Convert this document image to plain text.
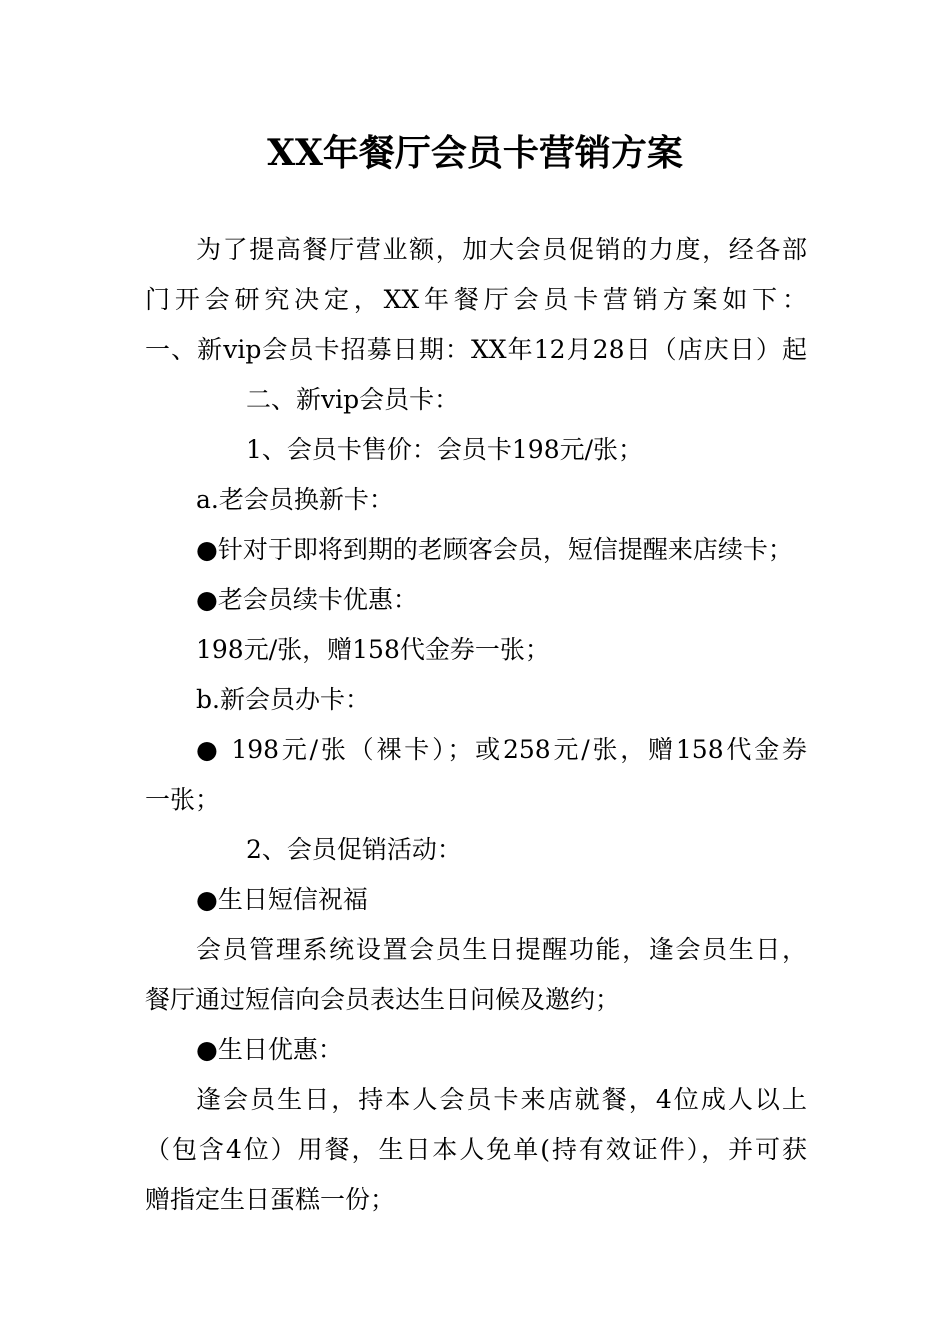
XX年餐厅会员卡营销方案
为了提高餐厅营业额，加大会员促销的力度，经各部
门开会研究决定，XX年餐厅会员卡营销方案如下：
一、新vip会员卡招募日期：XX年12月28日（店庆日）起
二、新vip会员卡：
1、会员卡售价：会员卡198元/张；
a.老会员换新卡：
●针对于即将到期的老顾客会员，短信提醒来店续卡；
●老会员续卡优惠：
198元/张，赠158代金券一张；
b.新会员办卡：
● 198元/张（裸卡）；或258元/张，赠158代金券
一张；
2、会员促销活动：
●生日短信祝福
会员管理系统设置会员生日提醒功能，逢会员生日，
餐厅通过短信向会员表达生日问候及邀约；
●生日优惠：
逢会员生日，持本人会员卡来店就餐，4位成人以上
（包含4位）用餐，生日本人免单(持有效证件），并可获
赠指定生日蛋糕一份；
